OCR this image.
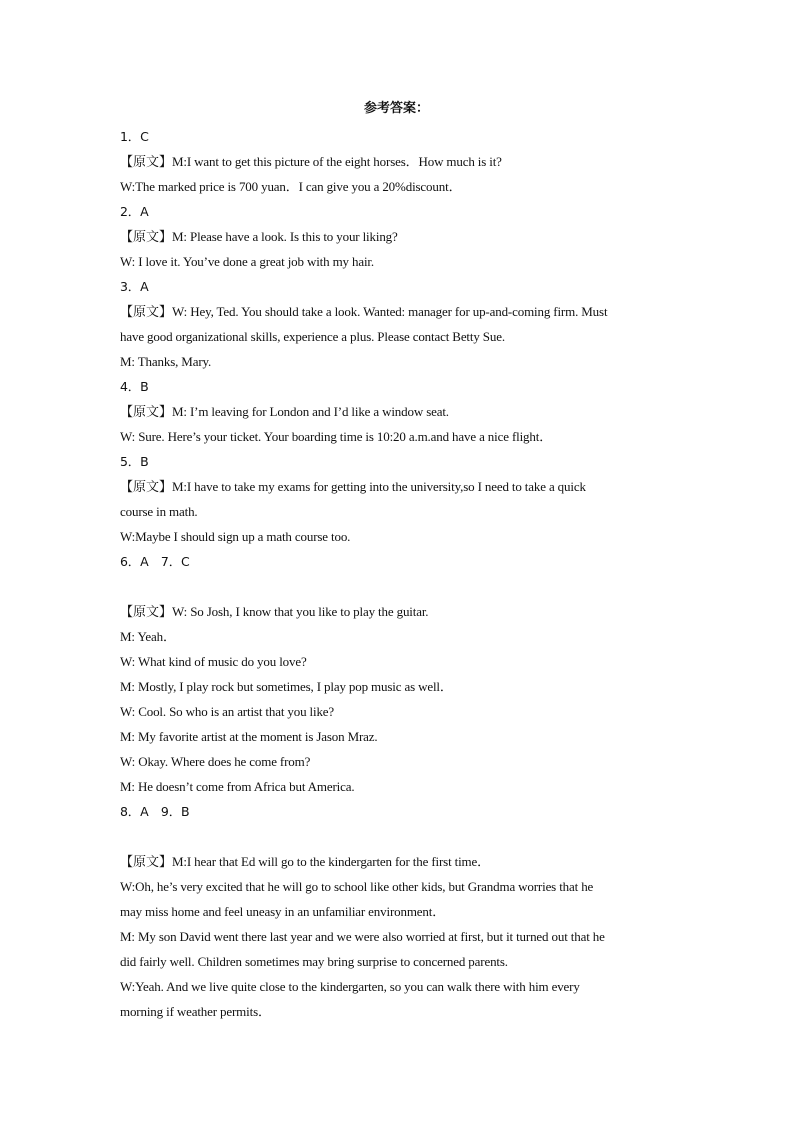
参考答案：
1．C
【原文】M:I want to get this picture of the eight horses．How much is it?
W:The marked price is 700 yuan．I can give you a 20%discount．
2．A
【原文】M: Please have a look. Is this to your liking?
W: I love it. You’ve done a great job with my hair.
3．A
【原文】W: Hey, Ted. You should take a look. Wanted: manager for up-and-coming firm. Must
have good organizational skills, experience a plus. Please contact Betty Sue.
M: Thanks, Mary.
4．B
【原文】M: I’m leaving for London and I’d like a window seat.
W: Sure. Here’s your ticket. Your boarding time is 10:20 a.m.and have a nice flight．
5．B
【原文】M:I have to take my exams for getting into the university,so I need to take a quick
course in math.
W:Maybe I should sign up a math course too.
6．A　7．C
【原文】W: So Josh, I know that you like to play the guitar.
M: Yeah．
W: What kind of music do you love?
M: Mostly, I play rock but sometimes, I play pop music as well．
W: Cool. So who is an artist that you like?
M: My favorite artist at the moment is Jason Mraz.
W: Okay. Where does he come from?
M: He doesn’t come from Africa but America.
8．A　9．B
【原文】M:I hear that Ed will go to the kindergarten for the first time．
W:Oh, he’s very excited that he will go to school like other kids, but Grandma worries that he
may miss home and feel uneasy in an unfamiliar environment．
M: My son David went there last year and we were also worried at first, but it turned out that he
did fairly well. Children sometimes may bring surprise to concerned parents.
W:Yeah. And we live quite close to the kindergarten, so you can walk there with him every
morning if weather permits．
